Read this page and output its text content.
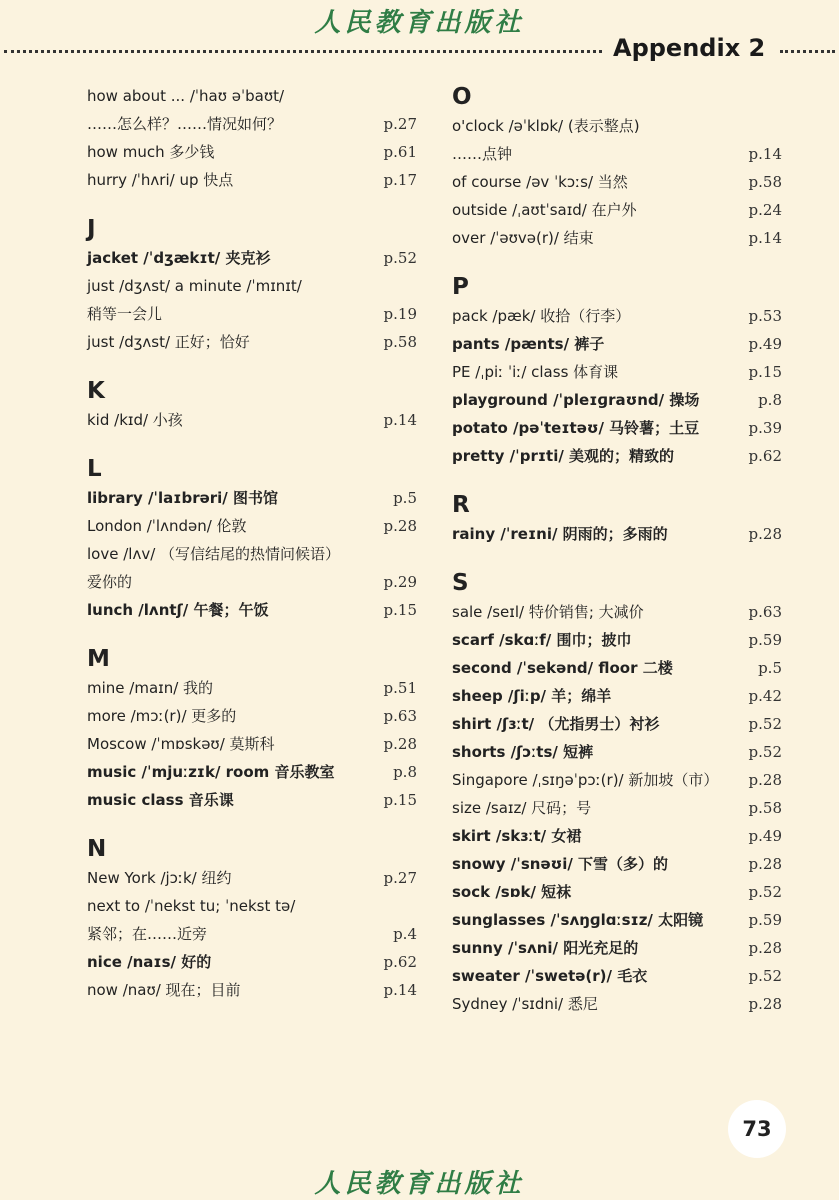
人民教育出版社
Appendix 2
how about ... /ˈhaʊ əˈbaʊt/
……怎么样？……情况如何？	p.27
how much 多少钱	p.61
hurry /ˈhʌri/ up 快点	p.17
J
jacket /ˈdʒækɪt/ 夹克衫	p.52
just /dʒʌst/ a minute /ˈmɪnɪt/
稍等一会儿	p.19
just /dʒʌst/ 正好；恰好	p.58
K
kid /kɪd/ 小孩	p.14
L
library /ˈlaɪbrəri/ 图书馆	p.5
London /ˈlʌndən/ 伦敦	p.28
love /lʌv/ （写信结尾的热情问候语）
爱你的	p.29
lunch /lʌntʃ/ 午餐；午饭	p.15
M
mine /maɪn/ 我的	p.51
more /mɔː(r)/ 更多的	p.63
Moscow /ˈmɒskəʊ/ 莫斯科	p.28
music /ˈmjuːzɪk/ room 音乐教室	p.8
music class 音乐课	p.15
N
New York /jɔːk/ 纽约	p.27
next to /ˈnekst tu; ˈnekst tə/
紧邻；在……近旁	p.4
nice /naɪs/ 好的	p.62
now /naʊ/ 现在；目前	p.14
O
o'clock /əˈklɒk/ (表示整点)
……点钟	p.14
of course /əv ˈkɔːs/ 当然	p.58
outside /ˌaʊtˈsaɪd/ 在户外	p.24
over /ˈəʊvə(r)/ 结束	p.14
P
pack /pæk/ 收拾（行李）	p.53
pants /pænts/ 裤子	p.49
PE /ˌpiː ˈiː/ class 体育课	p.15
playground /ˈpleɪɡraʊnd/ 操场	p.8
potato /pəˈteɪtəʊ/ 马铃薯；土豆	p.39
pretty /ˈprɪti/ 美观的；精致的	p.62
R
rainy /ˈreɪni/ 阴雨的；多雨的	p.28
S
sale /seɪl/ 特价销售; 大减价	p.63
scarf /skɑːf/ 围巾；披巾	p.59
second /ˈsekənd/ floor 二楼	p.5
sheep /ʃiːp/ 羊；绵羊	p.42
shirt /ʃɜːt/ （尤指男士）衬衫	p.52
shorts /ʃɔːts/ 短裤	p.52
Singapore /ˌsɪŋəˈpɔː(r)/ 新加坡（市） p.28
size /saɪz/ 尺码；号	p.58
skirt /skɜːt/ 女裙	p.49
snowy /ˈsnəʊi/ 下雪（多）的	p.28
sock /sɒk/ 短袜	p.52
sunglasses /ˈsʌŋɡlɑːsɪz/ 太阳镜	p.59
sunny /ˈsʌni/ 阳光充足的	p.28
sweater /ˈswetə(r)/ 毛衣	p.52
Sydney /ˈsɪdni/ 悉尼	p.28
73
人民教育出版社
